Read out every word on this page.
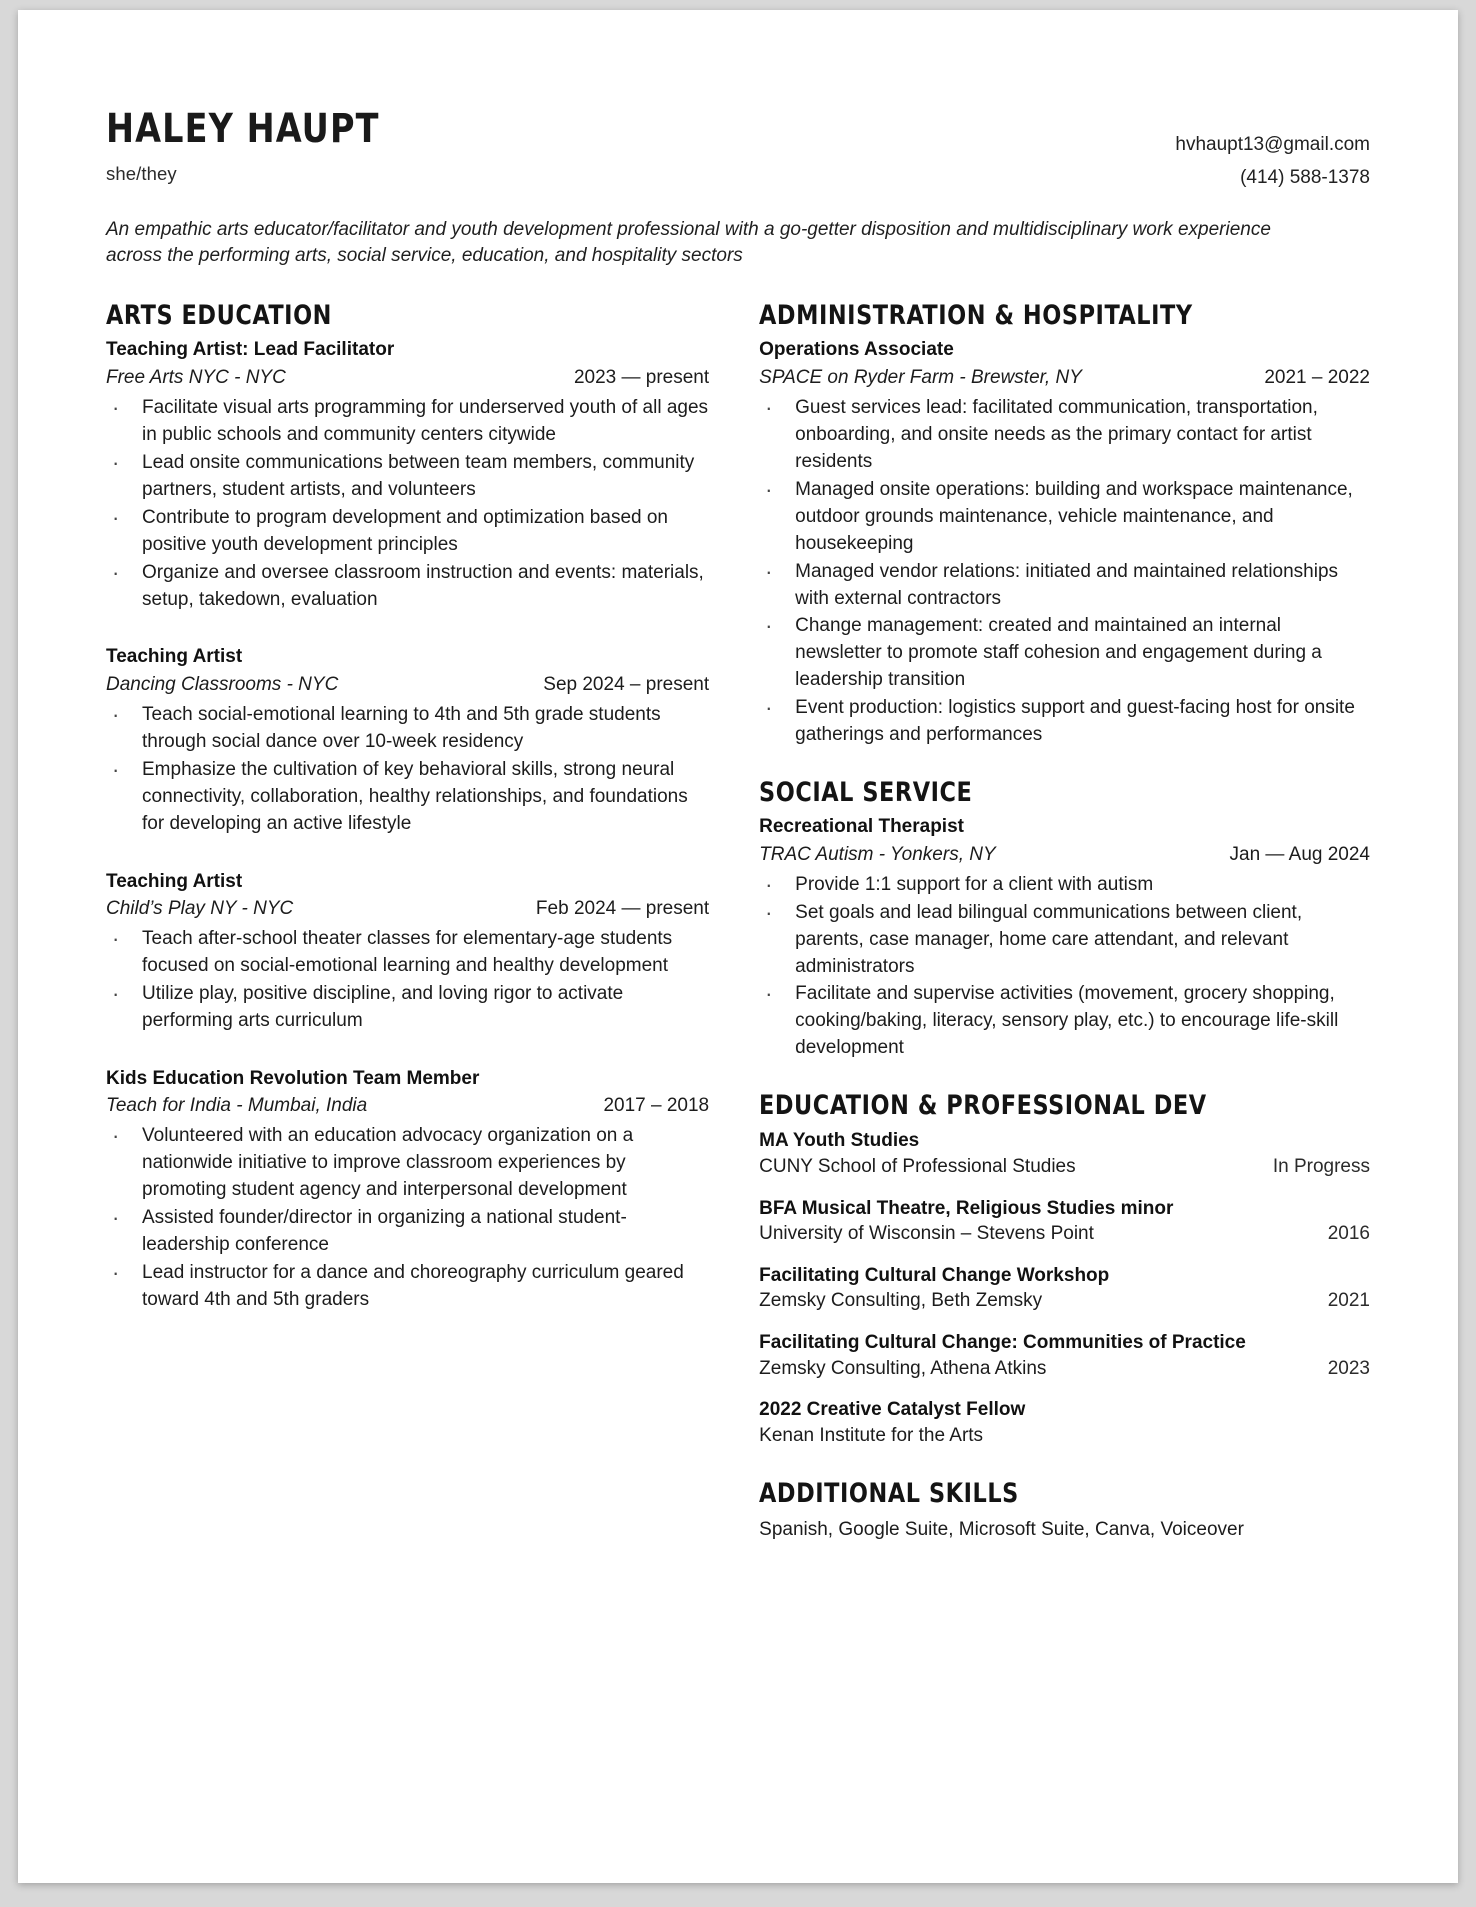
HALEY HAUPT
she/they
hvhaupt13@gmail.com
(414) 588-1378
An empathic arts educator/facilitator and youth development professional with a go-getter disposition and multidisciplinary work experience across the performing arts, social service, education, and hospitality sectors
ARTS EDUCATION
Teaching Artist: Lead Facilitator
Free Arts NYC - NYC	2023 — present
· Facilitate visual arts programming for underserved youth of all ages in public schools and community centers citywide
· Lead onsite communications between team members, community partners, student artists, and volunteers
· Contribute to program development and optimization based on positive youth development principles
· Organize and oversee classroom instruction and events: materials, setup, takedown, evaluation
Teaching Artist
Dancing Classrooms - NYC	Sep 2024 – present
· Teach social-emotional learning to 4th and 5th grade students through social dance over 10-week residency
· Emphasize the cultivation of key behavioral skills, strong neural connectivity, collaboration, healthy relationships, and foundations for developing an active lifestyle
Teaching Artist
Child’s Play NY - NYC	Feb 2024 — present
· Teach after-school theater classes for elementary-age students focused on social-emotional learning and healthy development
· Utilize play, positive discipline, and loving rigor to activate performing arts curriculum
Kids Education Revolution Team Member
Teach for India - Mumbai, India	2017 – 2018
· Volunteered with an education advocacy organization on a nationwide initiative to improve classroom experiences by promoting student agency and interpersonal development
· Assisted founder/director in organizing a national student-leadership conference
· Lead instructor for a dance and choreography curriculum geared toward 4th and 5th graders
ADMINISTRATION & HOSPITALITY
Operations Associate
SPACE on Ryder Farm - Brewster, NY	2021 – 2022
· Guest services lead: facilitated communication, transportation, onboarding, and onsite needs as the primary contact for artist residents
· Managed onsite operations: building and workspace maintenance, outdoor grounds maintenance, vehicle maintenance, and housekeeping
· Managed vendor relations: initiated and maintained relationships with external contractors
· Change management: created and maintained an internal newsletter to promote staff cohesion and engagement during a leadership transition
· Event production: logistics support and guest-facing host for onsite gatherings and performances
SOCIAL SERVICE
Recreational Therapist
TRAC Autism - Yonkers, NY	Jan — Aug 2024
· Provide 1:1 support for a client with autism
· Set goals and lead bilingual communications between client, parents, case manager, home care attendant, and relevant administrators
· Facilitate and supervise activities (movement, grocery shopping, cooking/baking, literacy, sensory play, etc.) to encourage life-skill development
EDUCATION & PROFESSIONAL DEV
MA Youth Studies
CUNY School of Professional Studies	In Progress
BFA Musical Theatre, Religious Studies minor
University of Wisconsin – Stevens Point	2016
Facilitating Cultural Change Workshop
Zemsky Consulting, Beth Zemsky	2021
Facilitating Cultural Change: Communities of Practice
Zemsky Consulting, Athena Atkins	2023
2022 Creative Catalyst Fellow
Kenan Institute for the Arts
ADDITIONAL SKILLS
Spanish, Google Suite, Microsoft Suite, Canva, Voiceover
